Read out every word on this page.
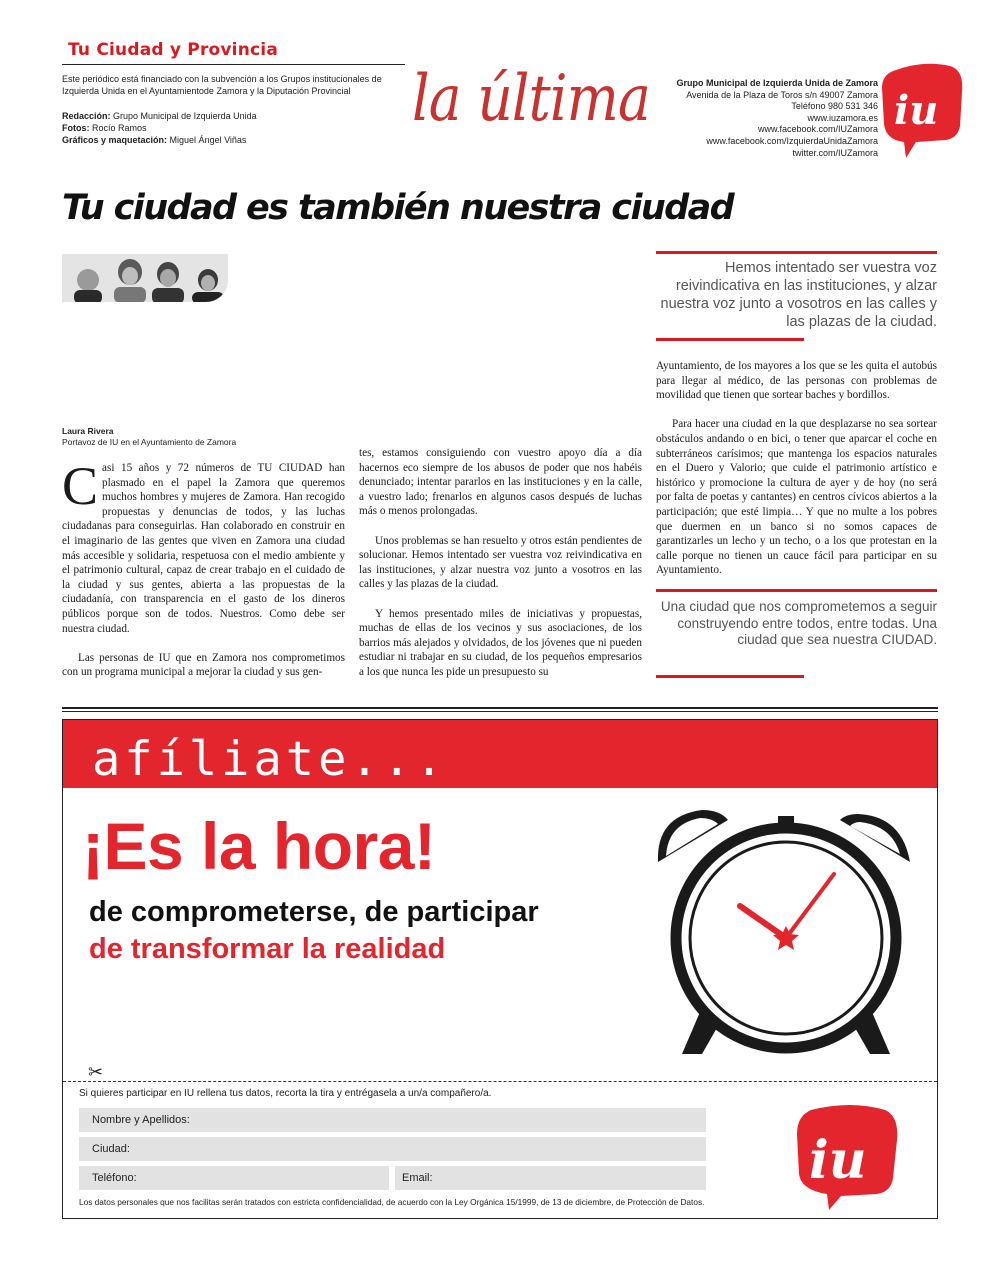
Tu Ciudad y Provincia
Este periódico está financiado con la subvención a los Grupos institucionales de Izquierda Unida en el Ayuntamientode Zamora y la Diputación Provincial
Redacción: Grupo Municipal de Izquierda Unida
Fotos: Rocío Ramos
Gráficos y maquetación: Miguel Ángel Viñas
la última	Grupo Municipal de Izquierda Unida de Zamora
Avenida de la Plaza de Toros s/n 49007 Zamora
Teléfono 980 531 346
www.iuzamora.es
www.facebook.com/IUZamora
www.facebook.com/IzquierdaUnidaZamora
twitter.com/IUZamora
iu
Tu ciudad es también nuestra ciudad
Laura Rivera
Portavoz de IU en el Ayuntamiento de Zamora

Casi 15 años y 72 números de TU CIUDAD han plasmado en el papel la Zamora que queremos muchos hombres y mujeres de Zamora. Han recogido propuestas y denuncias de todos, y las luchas ciudadanas para conseguirlas. Han colaborado en construir en el imaginario de las gentes que viven en Zamora una ciudad más accesible y solidaria, respetuosa con el medio ambiente y el patrimonio cultural, capaz de crear trabajo en el cuidado de la ciudad y sus gentes, abierta a las propuestas de la ciudadanía, con transparencia en el gasto de los dineros públicos porque son de todos. Nuestros. Como debe ser nuestra ciudad.

Las personas de IU que en Zamora nos comprometimos con un programa municipal a mejorar la ciudad y sus gen-

tes, estamos consiguiendo con vuestro apoyo día a día hacernos eco siempre de los abusos de poder que nos habéis denunciado; intentar pararlos en las instituciones y en la calle, a vuestro lado; frenarlos en algunos casos después de luchas más o menos prolongadas.

Unos problemas se han resuelto y otros están pendientes de solucionar. Hemos intentado ser vuestra voz reivindicativa en las instituciones, y alzar nuestra voz junto a vosotros en las calles y las plazas de la ciudad.

Y hemos presentado miles de iniciativas y propuestas, muchas de ellas de los vecinos y sus asociaciones, de los barrios más alejados y olvidados, de los jóvenes que ni pueden estudiar ni trabajar en su ciudad, de los pequeños empresarios a los que nunca les pide un presupuesto su

Ayuntamiento, de los mayores a los que se les quita el autobús para llegar al médico, de las personas con problemas de movilidad que tienen que sortear baches y bordillos.

Para hacer una ciudad en la que desplazarse no sea sortear obstáculos andando o en bici, o tener que aparcar el coche en subterráneos carísimos; que mantenga los espacios naturales en el Duero y Valorio; que cuide el patrimonio artístico e histórico y promocione la cultura de ayer y de hoy (no será por falta de poetas y cantantes) en centros cívicos abiertos a la participación; que esté limpia… Y que no multe a los pobres que duermen en un banco si no somos capaces de garantizarles un lecho y un techo, o a los que protestan en la calle porque no tienen un cauce fácil para participar en su Ayuntamiento.

Hemos intentado ser vuestra voz reivindicativa en las instituciones, y alzar nuestra voz junto a vosotros en las calles y las plazas de la ciudad.
Una ciudad que nos comprometemos a seguir construyendo entre todos, entre todas. Una ciudad que sea nuestra CIUDAD.
afíliate...
¡Es la hora!
de comprometerse, de participar
de transformar la realidad
✂
Si quieres participar en IU rellena tus datos, recorta la tira y entrégasela a un/a compañero/a.
Nombre y Apellidos:
Ciudad:
Teléfono:	Email:
Los datos personales que nos facilitas serán tratados con estricta confidencialidad, de acuerdo con la Ley Orgánica 15/1999, de 13 de diciembre, de Protección de Datos.
iu
